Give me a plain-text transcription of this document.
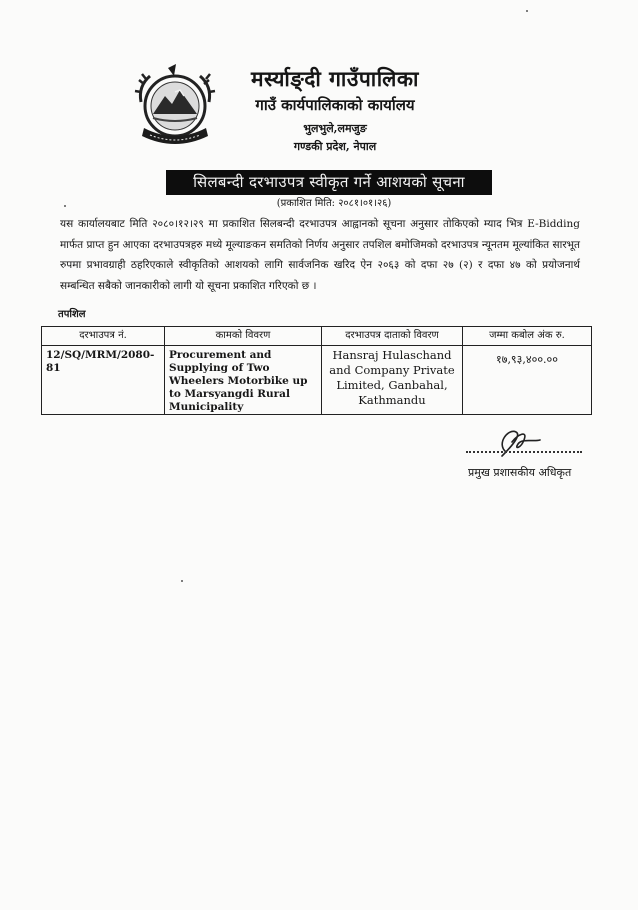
मर्स्याङ्दी गाउँपालिका
गाउँ कार्यपालिकाको कार्यालय
भुलभुले,लमजुङ
गण्डकी प्रदेश, नेपाल
सिलबन्दी दरभाउपत्र स्वीकृत गर्ने आशयको सूचना
(प्रकाशित मिति: २०८१।०१।२६)
यस कार्यालयबाट मिति २०८०।१२।२९ मा प्रकाशित सिलबन्दी दरभाउपत्र आह्वानको सूचना अनुसार तोकिएको म्याद भित्र E-Bidding मार्फत प्राप्त हुन आएका दरभाउपत्रहरु मध्ये मूल्याङकन समतिको निर्णय अनुसार तपशिल बमोजिमको दरभाउपत्र न्यूनतम मूल्यांकित सारभूत रुपमा प्रभावग्राही ठहरिएकाले स्वीकृतिको आशयको लागि सार्वजनिक खरिद ऐन २०६३ को दफा २७ (२) र दफा ४७ को प्रयोजनार्थ सम्बन्धित सबैको जानकारीको लागी यो सूचना प्रकाशित गरिएको छ ।
तपशिल
दरभाउपत्र नं.	कामको विवरण	दरभाउपत्र दाताको विवरण	जम्मा कबोल अंक रु.
12/SQ/MRM/2080-81	Procurement and Supplying of Two Wheelers Motorbike up to Marsyangdi Rural Municipality	Hansraj Hulaschand and Company Private Limited, Ganbahal, Kathmandu	१७,९३,४००.००
प्रमुख प्रशासकीय अधिकृत
